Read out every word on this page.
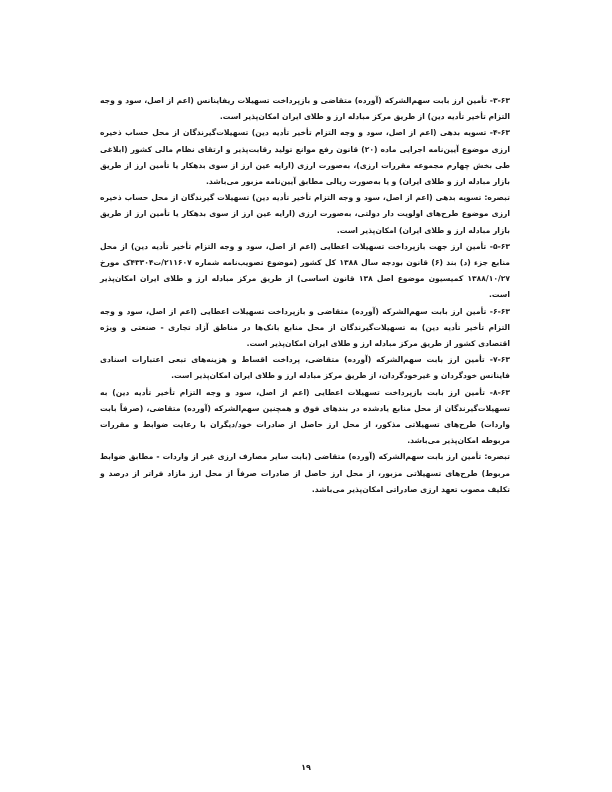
۳-۶۳- تأمین ارز بابت سهم‌الشرکه (آورده) متقاضی و بازپرداخت تسهیلات ریفاینانس (اعم از اصل، سود و وجه التزام تأخیر تأدیه دین) از طریق مرکز مبادله ارز و طلای ایران امکان‌پذیر است.

۴-۶۳- تسویه بدهی (اعم از اصل، سود و وجه التزام تأخیر تأدیه دین) تسهیلات‌گیرندگان از محل حساب ذخیره ارزی موضوع آیین‌نامه اجرایی ماده (۲۰) قانون رفع موانع تولید رقابت‌پذیر و ارتقای نظام مالی کشور (ابلاغی طی بخش چهارم مجموعه مقررات ارزی)، به‌صورت ارزی (ارایه عین ارز از سوی بدهکار یا تأمین ارز از طریق بازار مبادله ارز و طلای ایران) و یا به‌صورت ریالی مطابق آیین‌نامه مزبور می‌باشد.

تبصره: تسویه بدهی (اعم از اصل، سود و وجه التزام تأخیر تأدیه دین) تسهیلات گیرندگان از محل حساب ذخیره ارزی موضوع طرح‌های اولویت دار دولتی، به‌صورت ارزی (ارایه عین ارز از سوی بدهکار یا تأمین ارز از طریق بازار مبادله ارز و طلای ایران) امکان‌پذیر است.

۵-۶۳- تأمین ارز جهت بازپرداخت تسهیلات اعطایی (اعم از اصل، سود و وجه التزام تأخیر تأدیه دین) از محل منابع جزء (د) بند (۶) قانون بودجه سال ۱۳۸۸ کل کشور (موضوع تصویب‌نامه شماره ۲۱۱۶۰۷/ت۴۳۳۰۴ک مورخ ۱۳۸۸/۱۰/۲۷ کمیسیون موضوع اصل ۱۳۸ قانون اساسی) از طریق مرکز مبادله ارز و طلای ایران امکان‌پذیر است.

۶-۶۳- تأمین ارز بابت سهم‌الشرکه (آورده) متقاضی و بازپرداخت تسهیلات اعطایی (اعم از اصل، سود و وجه التزام تأخیر تأدیه دین) به تسهیلات‌گیرندگان از محل منابع بانک‌ها در مناطق آزاد تجاری - صنعتی و ویژه اقتصادی کشور از طریق مرکز مبادله ارز و طلای ایران امکان‌پذیر است.

۷-۶۳- تأمین ارز بابت سهم‌الشرکه (آورده) متقاضی، پرداخت اقساط و هزینه‌های تبعی اعتبارات اسنادی فاینانس خودگردان و غیرخودگردان، از طریق مرکز مبادله ارز و طلای ایران امکان‌پذیر است.

۸-۶۳- تأمین ارز بابت بازپرداخت تسهیلات اعطایی (اعم از اصل، سود و وجه التزام تأخیر تأدیه دین) به تسهیلات‌گیرندگان از محل منابع یادشده در بندهای فوق و همچنین سهم‌الشرکه (آورده) متقاضی، (صرفاً بابت واردات) طرح‌های تسهیلاتی مذکور، از محل ارز حاصل از صادرات خود/دیگران با رعایت ضوابط و مقررات مربوطه امکان‌پذیر می‌باشد.

تبصره: تأمین ارز بابت سهم‌الشرکه (آورده) متقاضی (بابت سایر مصارف ارزی غیر از واردات - مطابق ضوابط مربوط) طرح‌های تسهیلاتی مزبور، از محل ارز حاصل از صادرات صرفاً از محل ارز مازاد فراتر از درصد و تکلیف مصوب تعهد ارزی صادراتی امکان‌پذیر می‌باشد.

۱۹
